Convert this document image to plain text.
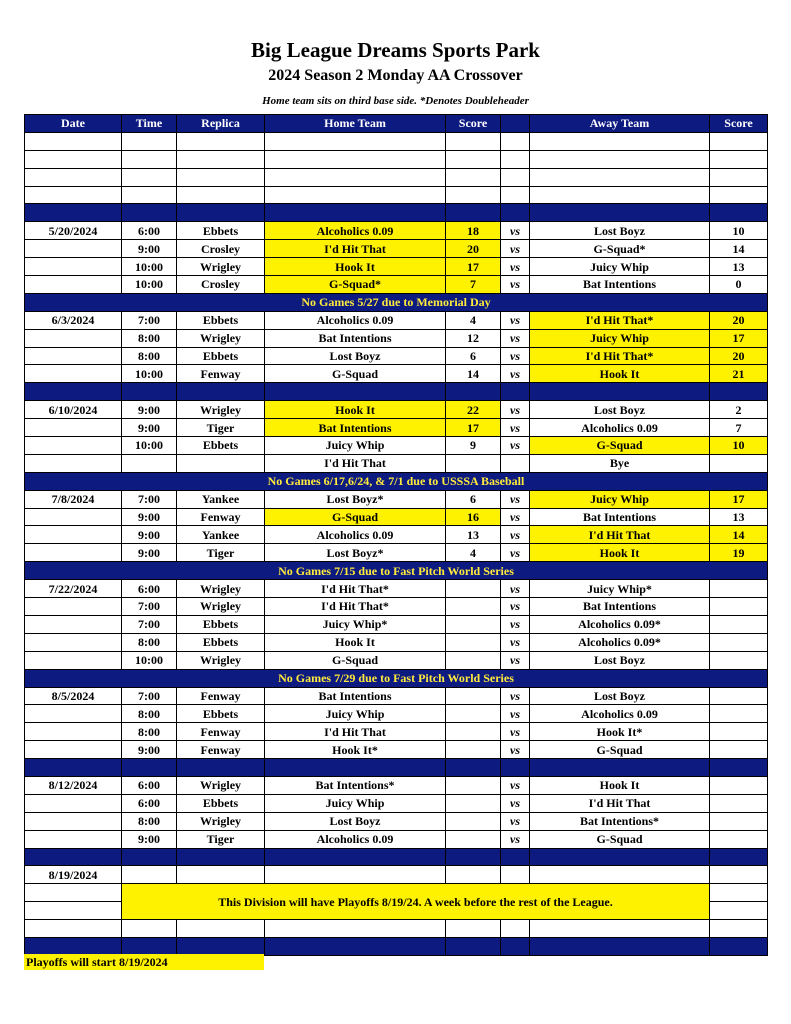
Big League Dreams Sports Park
2024 Season 2 Monday AA Crossover
Home team sits on third base side. *Denotes Doubleheader
Date	Time	Replica	Home Team	Score		Away Team	Score

5/20/2024	6:00	Ebbets	Alcoholics 0.09	18	vs	Lost Boyz	10
	9:00	Crosley	I'd Hit That	20	vs	G-Squad*	14
	10:00	Wrigley	Hook It	17	vs	Juicy Whip	13
	10:00	Crosley	G-Squad*	7	vs	Bat Intentions	0
No Games 5/27 due to Memorial Day							
6/3/2024	7:00	Ebbets	Alcoholics 0.09	4	vs	I'd Hit That*	20
	8:00	Wrigley	Bat Intentions	12	vs	Juicy Whip	17
	8:00	Ebbets	Lost Boyz	6	vs	I'd Hit That*	20
	10:00	Fenway	G-Squad	14	vs	Hook It	21

6/10/2024	9:00	Wrigley	Hook It	22	vs	Lost Boyz	2
	9:00	Tiger	Bat Intentions	17	vs	Alcoholics 0.09	7
	10:00	Ebbets	Juicy Whip	9	vs	G-Squad	10
			I'd Hit That			Bye	
No Games 6/17,6/24, & 7/1 due to USSSA Baseball							
7/8/2024	7:00	Yankee	Lost Boyz*	6	vs	Juicy Whip	17
	9:00	Fenway	G-Squad	16	vs	Bat Intentions	13
	9:00	Yankee	Alcoholics 0.09	13	vs	I'd Hit That	14
	9:00	Tiger	Lost Boyz*	4	vs	Hook It	19
No Games 7/15 due to Fast Pitch World Series							
7/22/2024	6:00	Wrigley	I'd Hit That*		vs	Juicy Whip*	
	7:00	Wrigley	I'd Hit That*		vs	Bat Intentions	
	7:00	Ebbets	Juicy Whip*		vs	Alcoholics 0.09*	
	8:00	Ebbets	Hook It		vs	Alcoholics 0.09*	
	10:00	Wrigley	G-Squad		vs	Lost Boyz	
No Games 7/29 due to Fast Pitch World Series							
8/5/2024	7:00	Fenway	Bat Intentions		vs	Lost Boyz	
	8:00	Ebbets	Juicy Whip		vs	Alcoholics 0.09	
	8:00	Fenway	I'd Hit That		vs	Hook It*	
	9:00	Fenway	Hook It*		vs	G-Squad	

8/12/2024	6:00	Wrigley	Bat Intentions*		vs	Hook It	
	6:00	Ebbets	Juicy Whip		vs	I'd Hit That	
	8:00	Wrigley	Lost Boyz		vs	Bat Intentions*	
	9:00	Tiger	Alcoholics 0.09		vs	G-Squad	

8/19/2024							
	This Division will have Playoffs 8/19/24. A week before the rest of the League.						

Playoffs will start 8/19/2024
